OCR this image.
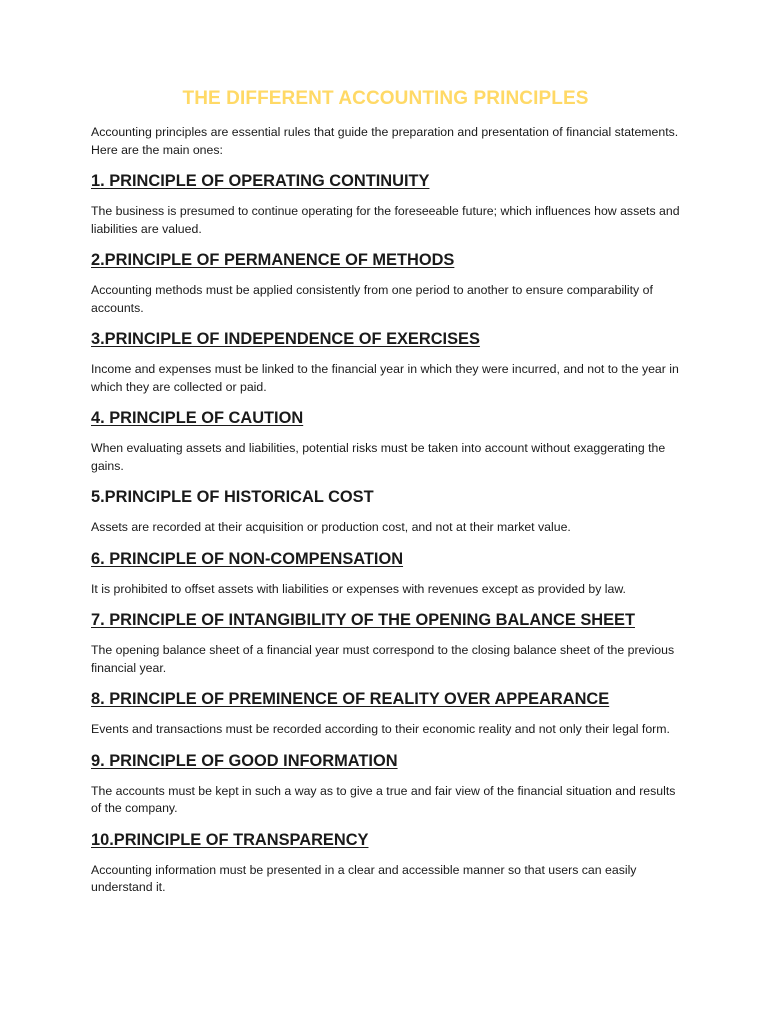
THE DIFFERENT ACCOUNTING PRINCIPLES

Accounting principles are essential rules that guide the preparation and presentation of financial statements. Here are the main ones:

1. PRINCIPLE OF OPERATING CONTINUITY

The business is presumed to continue operating for the foreseeable future; which influences how assets and liabilities are valued.

2.PRINCIPLE OF PERMANENCE OF METHODS

Accounting methods must be applied consistently from one period to another to ensure comparability of accounts.

3.PRINCIPLE OF INDEPENDENCE OF EXERCISES

Income and expenses must be linked to the financial year in which they were incurred, and not to the year in which they are collected or paid.

4. PRINCIPLE OF CAUTION

When evaluating assets and liabilities, potential risks must be taken into account without exaggerating the gains.

5.PRINCIPLE OF HISTORICAL COST

Assets are recorded at their acquisition or production cost, and not at their market value.

6. PRINCIPLE OF NON-COMPENSATION

It is prohibited to offset assets with liabilities or expenses with revenues except as provided by law.

7. PRINCIPLE OF INTANGIBILITY OF THE OPENING BALANCE SHEET

The opening balance sheet of a financial year must correspond to the closing balance sheet of the previous financial year.

8. PRINCIPLE OF PREMINENCE OF REALITY OVER APPEARANCE

Events and transactions must be recorded according to their economic reality and not only their legal form.

9. PRINCIPLE OF GOOD INFORMATION

The accounts must be kept in such a way as to give a true and fair view of the financial situation and results of the company.

10.PRINCIPLE OF TRANSPARENCY

Accounting information must be presented in a clear and accessible manner so that users can easily understand it.
